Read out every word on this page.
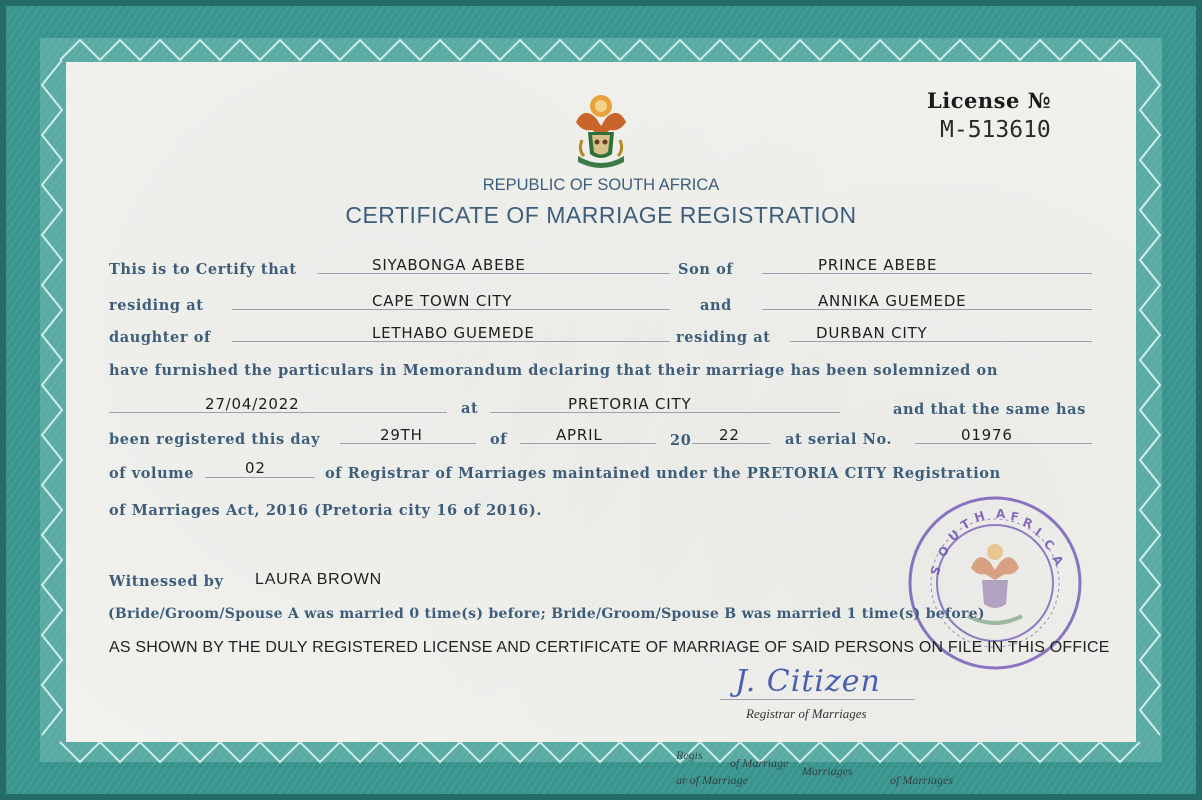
License №
M-513610
REPUBLIC OF SOUTH AFRICA
CERTIFICATE OF MARRIAGE REGISTRATION
This is to Certify that	SIYABONGA ABEBE	Son of	PRINCE ABEBE
residing at	CAPE TOWN CITY	and	ANNIKA GUEMEDE
daughter of	LETHABO GUEMEDE	residing at	DURBAN CITY
have furnished the particulars in Memorandum declaring that their marriage has been solemnized on
27/04/2022	at	PRETORIA CITY	and that the same has
been registered this day	29TH	of	APRIL	20 22	at serial No.	01976
of volume	02	of Registrar of Marriages maintained under the PRETORIA CITY Registration
of Marriages Act, 2016 (Pretoria city 16 of 2016).
Witnessed by LAURA BROWN
S
O
U
T H A F R
I
C
A
(Bride/Groom/Spouse A was married 0 time(s) before; Bride/Groom/Spouse B was married 1 time(s) before)
AS SHOWN BY THE DULY REGISTERED LICENSE AND CERTIFICATE OF MARRIAGE OF SAID PERSONS ON FILE IN THIS OFFICE
J. Citizen
Registrar of Marriages
Regis
of Marriage
Marriages
ar of Marriage	of Marriages
